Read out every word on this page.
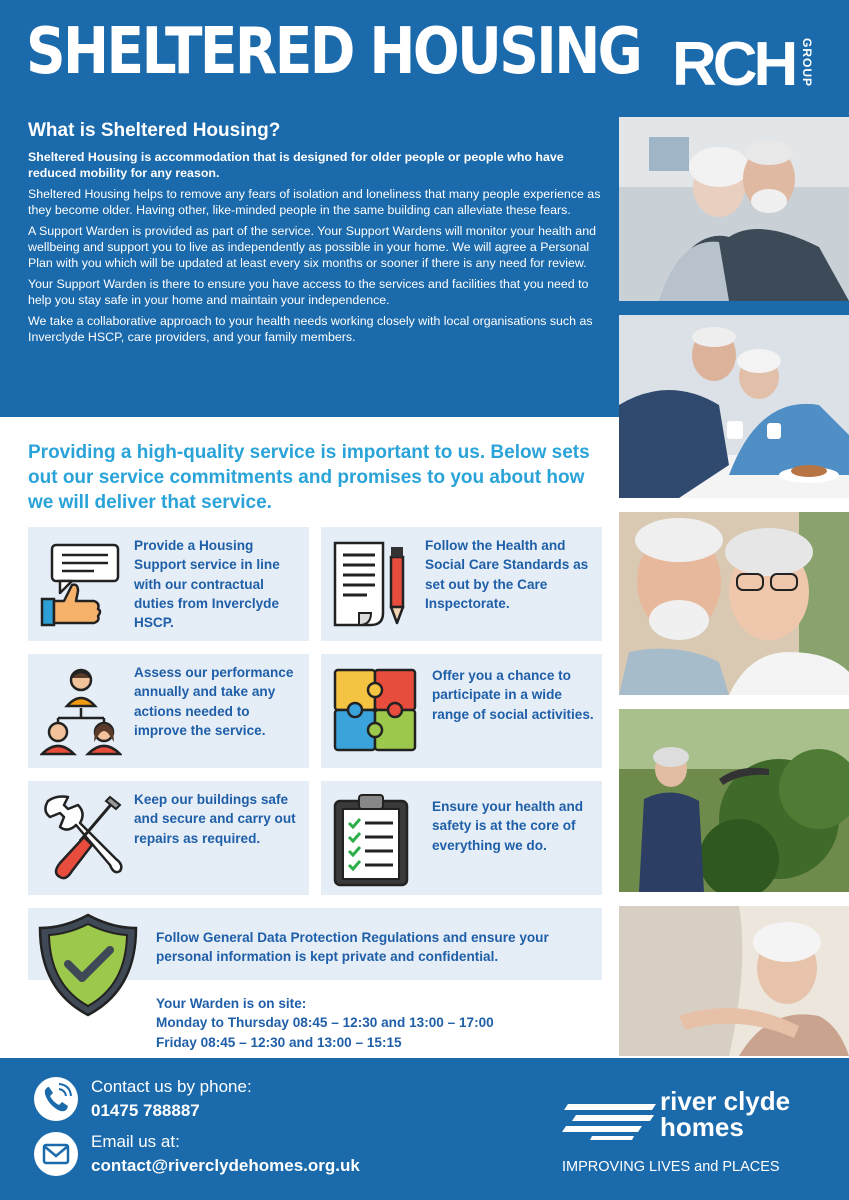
SHELTERED HOUSING RCH GROUP
What is Sheltered Housing?

Sheltered Housing is accommodation that is designed for older people or people who have reduced mobility for any reason.

Sheltered Housing helps to remove any fears of isolation and loneliness that many people experience as they become older. Having other, like-minded people in the same building can alleviate these fears.

A Support Warden is provided as part of the service. Your Support Wardens will monitor your health and wellbeing and support you to live as independently as possible in your home. We will agree a Personal Plan with you which will be updated at least every six months or sooner if there is any need for review.

Your Support Warden is there to ensure you have access to the services and facilities that you need to help you stay safe in your home and maintain your independence.

We take a collaborative approach to your health needs working closely with local organisations such as Inverclyde HSCP, care providers, and your family members.

Providing a high-quality service is important to us. Below sets out our service commitments and promises to you about how we will deliver that service.
Provide a Housing Support service in line with our contractual duties from Inverclyde HSCP.
Follow the Health and Social Care Standards as set out by the Care Inspectorate.
Assess our performance annually and take any actions needed to improve the service.
Offer you a chance to participate in a wide range of social activities.
Keep our buildings safe and secure and carry out repairs as required.
Ensure your health and safety is at the core of everything we do.
Follow General Data Protection Regulations and ensure your personal information is kept private and confidential.
Your Warden is on site:
Monday to Thursday 08:45 – 12:30 and 13:00 – 17:00
Friday 08:45 – 12:30 and 13:00 – 15:15
Contact us by phone:
01475 788887
Email us at:
contact@riverclydehomes.org.uk
river clyde
homes
IMPROVING LIVES and PLACES
